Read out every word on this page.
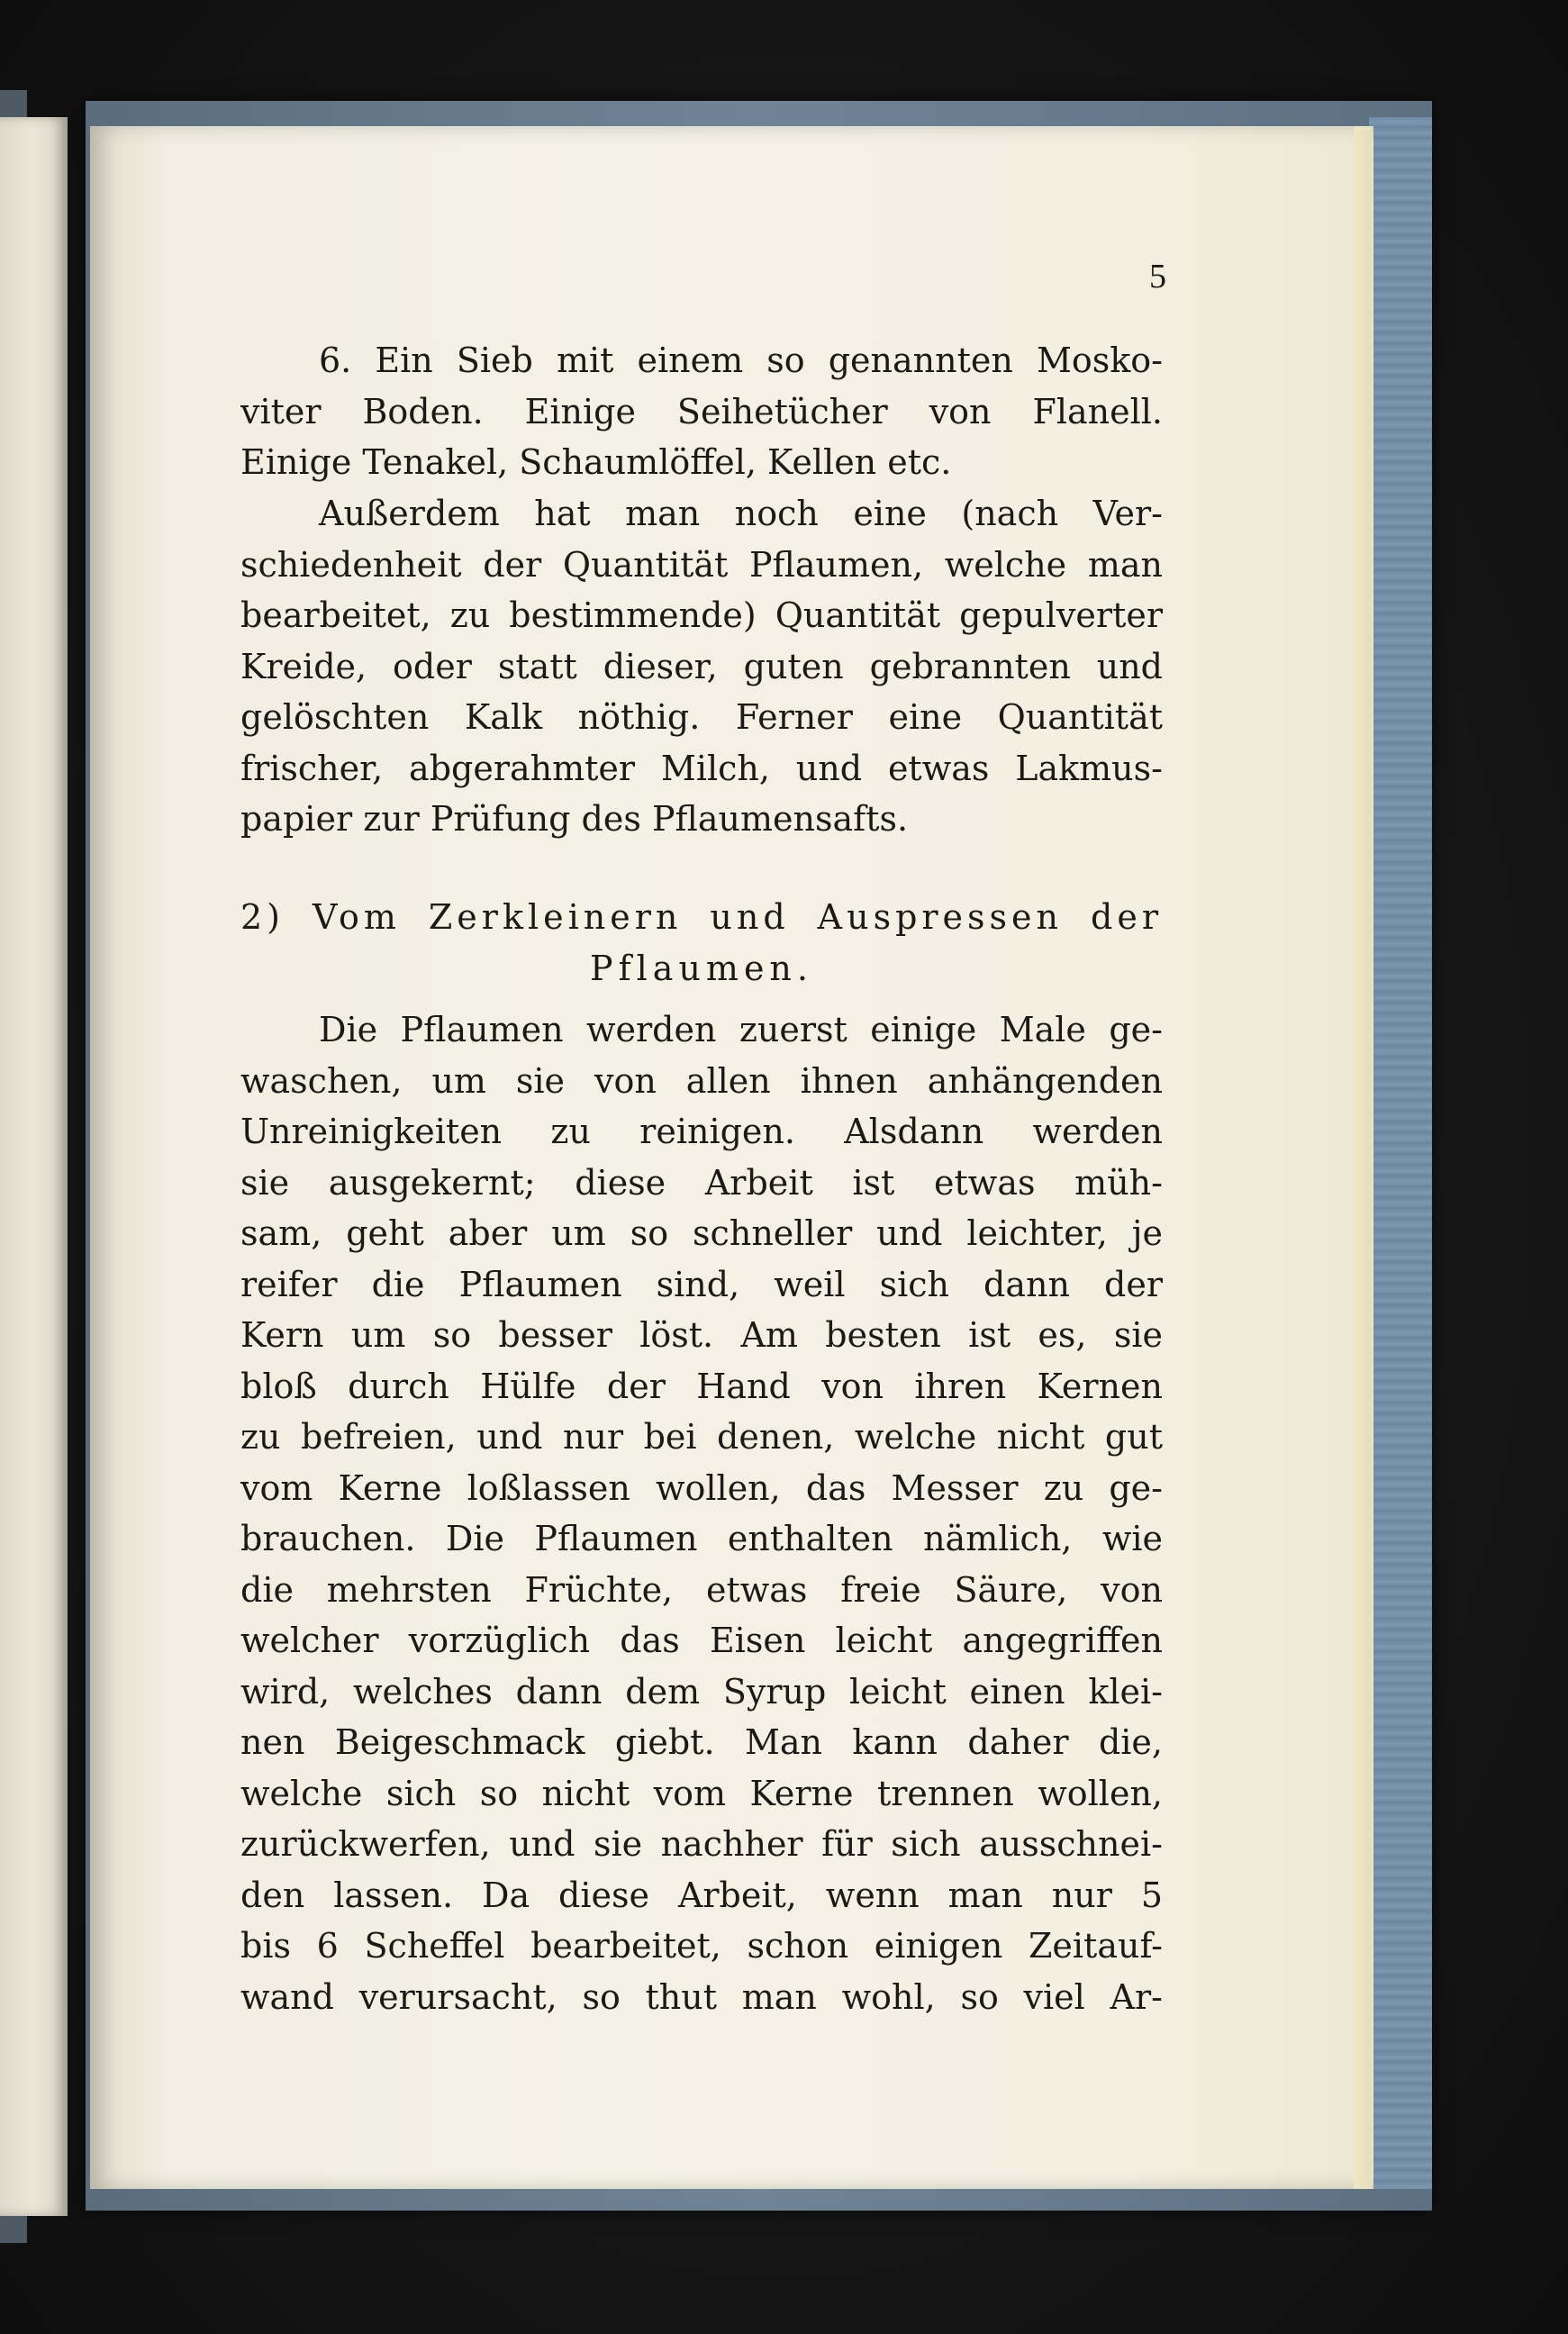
5
6. Ein Sieb mit einem so genannten Mosko-
viter Boden. Einige Seihetücher von Flanell.
Einige Tenakel, Schaumlöffel, Kellen etc.
Außerdem hat man noch eine (nach Ver-
schiedenheit der Quantität Pflaumen, welche man
bearbeitet, zu bestimmende) Quantität gepulverter
Kreide, oder statt dieser, guten gebrannten und
gelöschten Kalk nöthig. Ferner eine Quantität
frischer, abgerahmter Milch, und etwas Lakmus-
papier zur Prüfung des Pflaumensafts.
2) Vom Zerkleinern und Auspressen der
Pflaumen.
Die Pflaumen werden zuerst einige Male ge-
waschen, um sie von allen ihnen anhängenden
Unreinigkeiten zu reinigen. Alsdann werden
sie ausgekernt; diese Arbeit ist etwas müh-
sam, geht aber um so schneller und leichter, je
reifer die Pflaumen sind, weil sich dann der
Kern um so besser löst. Am besten ist es, sie
bloß durch Hülfe der Hand von ihren Kernen
zu befreien, und nur bei denen, welche nicht gut
vom Kerne loßlassen wollen, das Messer zu ge-
brauchen. Die Pflaumen enthalten nämlich, wie
die mehrsten Früchte, etwas freie Säure, von
welcher vorzüglich das Eisen leicht angegriffen
wird, welches dann dem Syrup leicht einen klei-
nen Beigeschmack giebt. Man kann daher die,
welche sich so nicht vom Kerne trennen wollen,
zurückwerfen, und sie nachher für sich ausschnei-
den lassen. Da diese Arbeit, wenn man nur 5
bis 6 Scheffel bearbeitet, schon einigen Zeitauf-
wand verursacht, so thut man wohl, so viel Ar-
